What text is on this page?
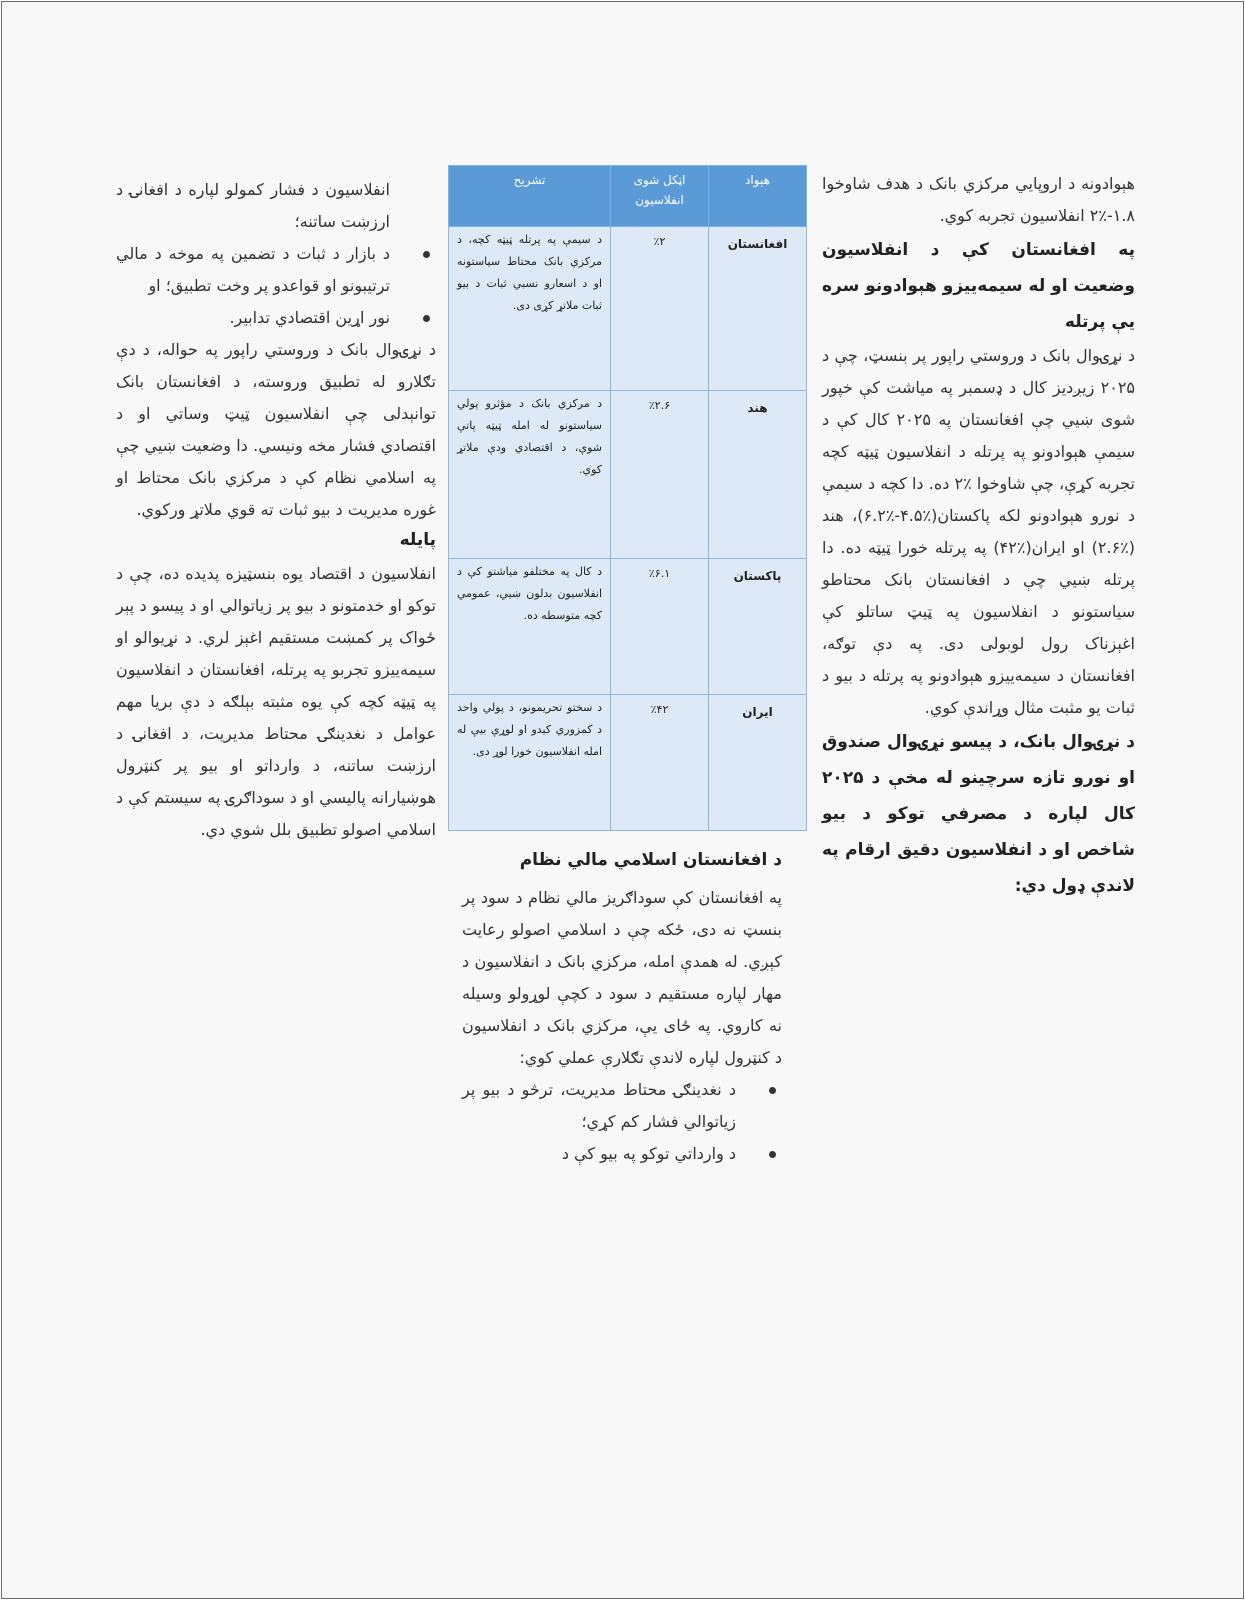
هېوادونه د اروپایي مرکزي بانک د هدف شاوخوا ۱.۸-٪۲ انفلاسیون تجربه کوي.

په افغانستان کې د انفلاسیون وضعیت او له سیمه‌ییزو هېوادونو سره یې پرتله

د نړۍوال بانک د وروستي راپور پر بنسټ، چې د ۲۰۲۵ زیږدیز کال د ډسمبر په میاشت کې خپور شوی ښیي چې افغانستان په ۲۰۲۵ کال کې د سیمې هېوادونو په پرتله د انفلاسیون ټیټه کچه تجربه کړې، چې شاوخوا ٪۲ ده. دا کچه د سیمې د نورو هېوادونو لکه پاکستان(٪۴.۵-٪۶.۲)، هند (٪۲.۶) او ایران(٪۴۲) په پرتله خورا ټیټه ده. دا پرتله ښیي چې د افغانستان بانک محتاطو سیاستونو د انفلاسیون په ټیټ ساتلو کې اغېزناک رول لوبولی دی. په دې توګه، افغانستان د سیمه‌ییزو هېوادونو په پرتله د بیو د ثبات یو مثبت مثال وړاندې کوي.

د نړۍوال بانک، د پیسو نړۍوال صندوق او نورو تازه سرچینو له مخې د ۲۰۲۵ کال لپاره د مصرفي توکو د بیو شاخص او د انفلاسیون دقیق ارقام په لاندې ډول دي:

هېواد	اټکل شوی انفلاسیون	تشریح
افغانستان	٪۲	د سیمې په پرتله ټیټه کچه، د مرکزي بانک محتاط سیاستونه او د اسعارو نسبي ثبات د بیو ثبات ملاتړ کړی دی.
هند	٪۲.۶	د مرکزي بانک د مؤثرو پولي سیاستونو له امله ټیټه پاتې شوې، د اقتصادي ودې ملاتړ کوي.
پاکستان	٪۶.۱	د کال په مختلفو میاشتو کې د انفلاسیون بدلون ښیي، عمومي کچه متوسطه ده.
ایران	٪۴۲	د سختو تحریمونو، د پولي واحد د کمزوري کیدو او لوړې بیې له امله انفلاسیون خورا لوړ دی.

د افغانستان اسلامي مالي نظام

په افغانستان کې سوداګریز مالي نظام د سود پر بنسټ نه دی، ځکه چې د اسلامي اصولو رعایت کېږي. له همدې امله، مرکزي بانک د انفلاسیون د مهار لپاره مستقیم د سود د کچې لوړولو وسیله نه کاروي. په ځای یې، مرکزي بانک د انفلاسیون د کنټرول لپاره لاندې تګلارې عملي کوي:

د نغدینګۍ محتاط مدیریت، ترڅو د بیو پر زیاتوالي فشار کم کړي؛
د وارداتي توکو په بیو کې د
انفلاسیون د فشار کمولو لپاره د افغانۍ د ارزښت ساتنه؛
د بازار د ثبات د تضمین په موخه د مالي ترتیبونو او قواعدو پر وخت تطبیق؛ او
نور اړین اقتصادي تدابیر.

د نړۍوال بانک د وروستي راپور په حواله، د دې تګلارو له تطبیق وروسته، د افغانستان بانک توانېدلی چې انفلاسیون ټیټ وساتي او د اقتصادي فشار مخه ونیسي. دا وضعیت ښیي چې په اسلامي نظام کې د مرکزي بانک محتاط او غوره مدیریت د بیو ثبات ته قوي ملاتړ ورکوي.

پایله

انفلاسیون د اقتصاد یوه بنسټیزه پدیده ده، چې د توکو او خدمتونو د بیو پر زیاتوالي او د پیسو د پېر ځواک پر کمښت مستقیم اغېز لري. د نړیوالو او سیمه‌ییزو تجربو په پرتله، افغانستان د انفلاسیون په ټیټه کچه کې یوه مثبته بېلګه د دې بریا مهم عوامل د نغدینګۍ محتاط مدیریت، د افغانۍ د ارزښت ساتنه، د وارداتو او بیو پر کنټرول هوښیارانه پالیسي او د سوداګرۍ په سیستم کې د اسلامي اصولو تطبیق بلل شوي دي.
